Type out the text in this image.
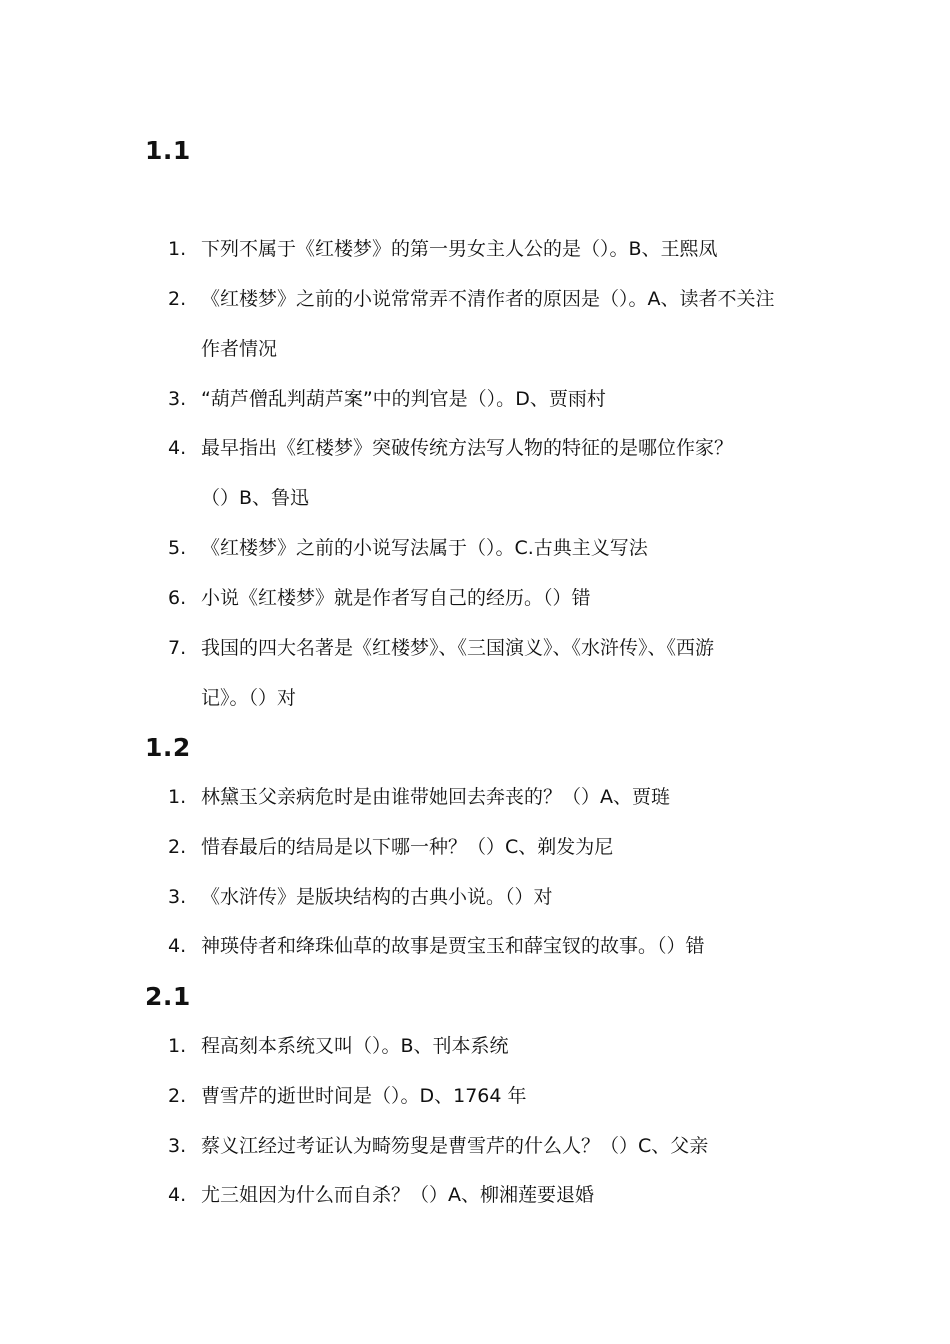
1.1
1. 下列不属于《红楼梦》的第一男女主人公的是（）。B、王熙凤
2. 《红楼梦》之前的小说常常弄不清作者的原因是（）。A、读者不关注
作者情况
3. “葫芦僧乱判葫芦案”中的判官是（）。D、贾雨村
4. 最早指出《红楼梦》突破传统方法写人物的特征的是哪位作家？
（）B、鲁迅
5. 《红楼梦》之前的小说写法属于（）。C.古典主义写法
6. 小说《红楼梦》就是作者写自己的经历。（）错
7. 我国的四大名著是《红楼梦》、《三国演义》、《水浒传》、《西游
记》。（）对
1.2
1. 林黛玉父亲病危时是由谁带她回去奔丧的？（）A、贾琏
2. 惜春最后的结局是以下哪一种？（）C、剃发为尼
3. 《水浒传》是版块结构的古典小说。（）对
4. 神瑛侍者和绛珠仙草的故事是贾宝玉和薛宝钗的故事。（）错
2.1
1. 程高刻本系统又叫（）。B、刊本系统
2. 曹雪芹的逝世时间是（）。D、1764 年
3. 蔡义江经过考证认为畸笏叟是曹雪芹的什么人？（）C、父亲
4. 尤三姐因为什么而自杀？（）A、柳湘莲要退婚
